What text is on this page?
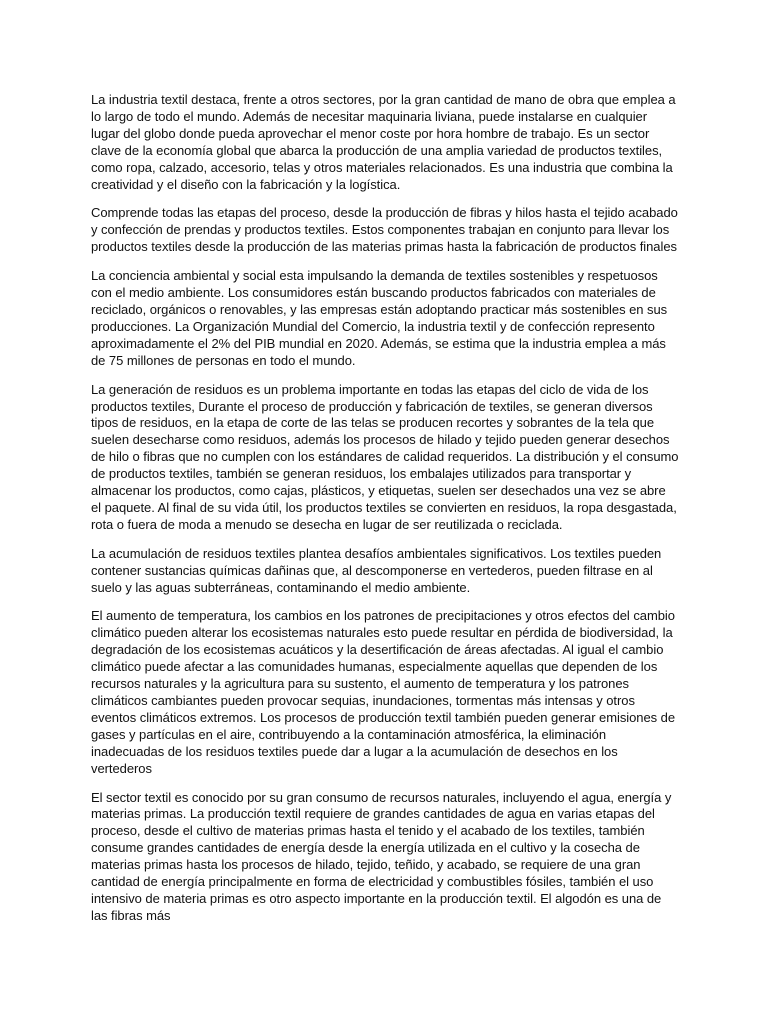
La industria textil destaca, frente a otros sectores, por la gran cantidad de mano de obra que emplea a lo largo de todo el mundo. Además de necesitar maquinaria liviana, puede instalarse en cualquier lugar del globo donde pueda aprovechar el menor coste por hora hombre de trabajo. Es un sector clave de la economía global que abarca la producción de una amplia variedad de productos textiles, como ropa, calzado, accesorio, telas y otros materiales relacionados. Es una industria que combina la creatividad y el diseño con la fabricación y la logística.

Comprende todas las etapas del proceso, desde la producción de fibras y hilos hasta el tejido acabado y confección de prendas y productos textiles. Estos componentes trabajan en conjunto para llevar los productos textiles desde la producción de las materias primas hasta la fabricación de productos finales

La conciencia ambiental y social esta impulsando la demanda de textiles sostenibles y respetuosos con el medio ambiente. Los consumidores están buscando productos fabricados con materiales de reciclado, orgánicos o renovables, y las empresas están adoptando practicar más sostenibles en sus producciones. La Organización Mundial del Comercio, la industria textil y de confección represento aproximadamente el 2% del PIB mundial en 2020. Además, se estima que la industria emplea a más de 75 millones de personas en todo el mundo.

La generación de residuos es un problema importante en todas las etapas del ciclo de vida de los productos textiles, Durante el proceso de producción y fabricación de textiles, se generan diversos tipos de residuos, en la etapa de corte de las telas se producen recortes y sobrantes de la tela que suelen desecharse como residuos, además los procesos de hilado y tejido pueden generar desechos de hilo o fibras que no cumplen con los estándares de calidad requeridos. La distribución y el consumo de productos textiles, también se generan residuos, los embalajes utilizados para transportar y almacenar los productos, como cajas, plásticos, y etiquetas, suelen ser desechados una vez se abre el paquete. Al final de su vida útil, los productos textiles se convierten en residuos, la ropa desgastada, rota o fuera de moda a menudo se desecha en lugar de ser reutilizada o reciclada.

La acumulación de residuos textiles plantea desafíos ambientales significativos. Los textiles pueden contener sustancias químicas dañinas que, al descomponerse en vertederos, pueden filtrase en al suelo y las aguas subterráneas, contaminando el medio ambiente.

El aumento de temperatura, los cambios en los patrones de precipitaciones y otros efectos del cambio climático pueden alterar los ecosistemas naturales esto puede resultar en pérdida de biodiversidad, la degradación de los ecosistemas acuáticos y la desertificación de áreas afectadas. Al igual el cambio climático puede afectar a las comunidades humanas, especialmente aquellas que dependen de los recursos naturales y la agricultura para su sustento, el aumento de temperatura y los patrones climáticos cambiantes pueden provocar sequias, inundaciones, tormentas más intensas y otros eventos climáticos extremos. Los procesos de producción textil también pueden generar emisiones de gases y partículas en el aire, contribuyendo a la contaminación atmosférica, la eliminación inadecuadas de los residuos textiles puede dar a lugar a la acumulación de desechos en los vertederos

El sector textil es conocido por su gran consumo de recursos naturales, incluyendo el agua, energía y materias primas. La producción textil requiere de grandes cantidades de agua en varias etapas del proceso, desde el cultivo de materias primas hasta el tenido y el acabado de los textiles, también consume grandes cantidades de energía desde la energía utilizada en el cultivo y la cosecha de materias primas hasta los procesos de hilado, tejido, teñido, y acabado, se requiere de una gran cantidad de energía principalmente en forma de electricidad y combustibles fósiles, también el uso intensivo de materia primas es otro aspecto importante en la producción textil. El algodón es una de las fibras más
